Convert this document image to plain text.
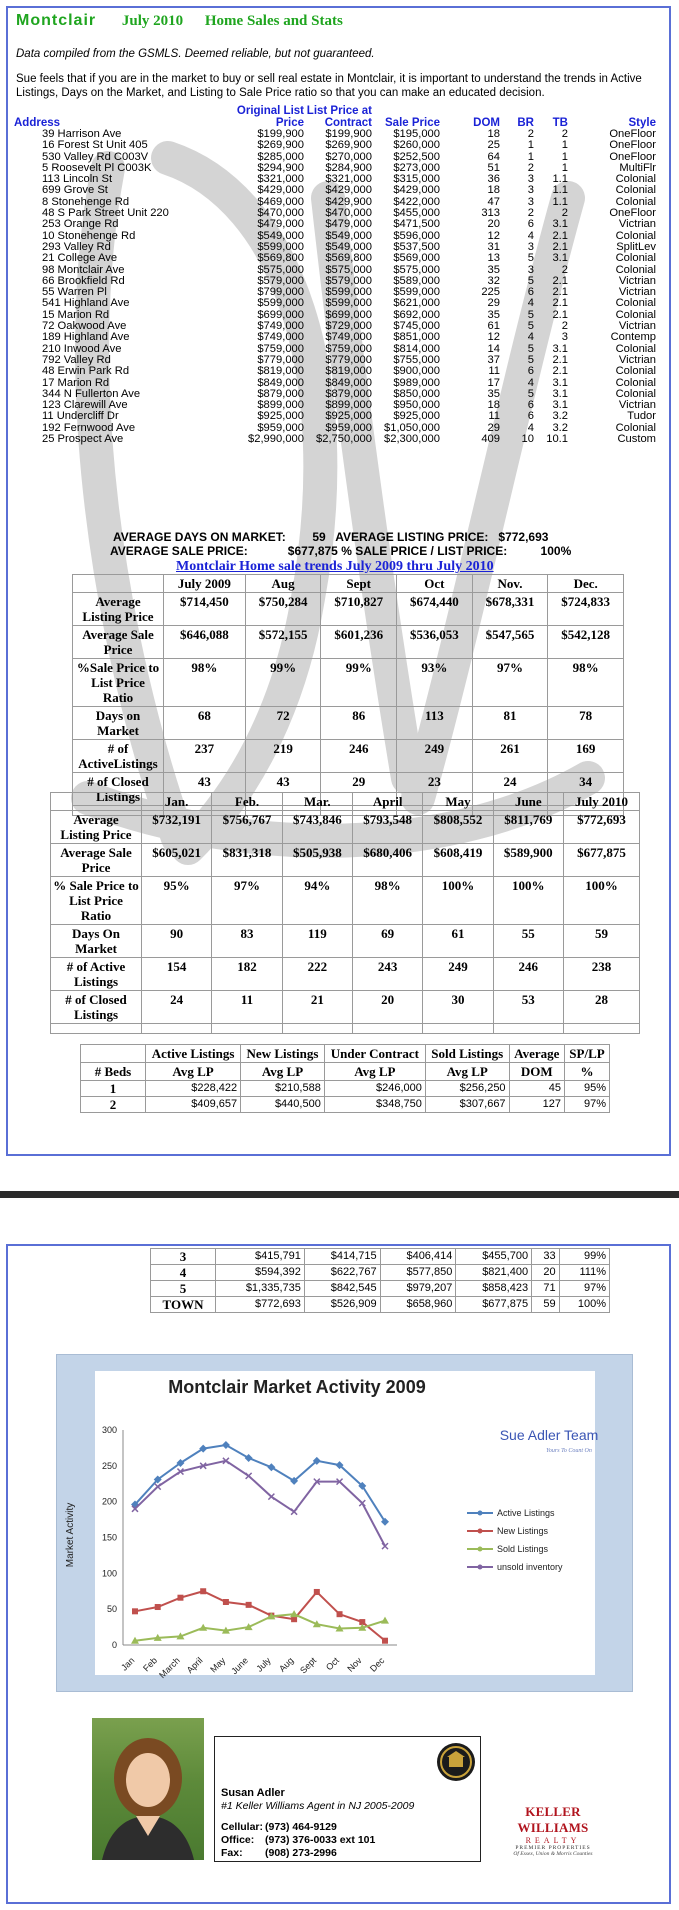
Montclair July 2010 Home Sales and Stats
Data compiled from the GSMLS. Deemed reliable, but not guaranteed.
Sue feels that if you are in the market to buy or sell real estate in Montclair, it is important to understand the trends in Active Listings, Days on the Market, and Listing to Sale Price ratio so that you can make an educated decision.
Address	Original List Price	List Price at Contract	Sale Price	DOM	BR	TB	Style
39 Harrison Ave	$199,900	$199,900	$195,000	18	2	2	OneFloor
16 Forest St Unit 405	$269,900	$269,900	$260,000	25	1	1	OneFloor
530 Valley Rd C003V	$285,000	$270,000	$252,500	64	1	1	OneFloor
5 Roosevelt Pl C003K	$294,900	$284,900	$273,000	51	2	1	MultiFlr
113 Lincoln St	$321,000	$321,000	$315,000	36	3	1.1	Colonial
699 Grove St	$429,000	$429,000	$429,000	18	3	1.1	Colonial
8 Stonehenge Rd	$469,000	$429,900	$422,000	47	3	1.1	Colonial
48 S Park Street Unit 220	$470,000	$470,000	$455,000	313	2	2	OneFloor
253 Orange Rd	$479,000	$479,000	$471,500	20	6	3.1	Victrian
10 Stonehenge Rd	$549,000	$549,000	$596,000	12	4	2.1	Colonial
293 Valley Rd	$599,000	$549,000	$537,500	31	3	2.1	SplitLev
21 College Ave	$569,800	$569,800	$569,000	13	5	3.1	Colonial
98 Montclair Ave	$575,000	$575,000	$575,000	35	3	2	Colonial
66 Brookfield Rd	$579,000	$579,000	$589,000	32	5	2.1	Victrian
55 Warren Pl	$799,000	$599,000	$599,000	225	6	2.1	Victrian
541 Highland Ave	$599,000	$599,000	$621,000	29	4	2.1	Colonial
15 Marion Rd	$699,000	$699,000	$692,000	35	5	2.1	Colonial
72 Oakwood Ave	$749,000	$729,000	$745,000	61	5	2	Victrian
189 Highland Ave	$749,000	$749,000	$851,000	12	4	3	Contemp
210 Inwood Ave	$759,000	$759,000	$814,000	14	5	3.1	Colonial
792 Valley Rd	$779,000	$779,000	$755,000	37	5	2.1	Victrian
48 Erwin Park Rd	$819,000	$819,000	$900,000	11	6	2.1	Colonial
17 Marion Rd	$849,000	$849,000	$989,000	17	4	3.1	Colonial
344 N Fullerton Ave	$879,000	$879,000	$850,000	35	5	3.1	Colonial
123 Clarewill Ave	$899,000	$899,000	$950,000	18	6	3.1	Victrian
11 Undercliff Dr	$925,000	$925,000	$925,000	11	6	3.2	Tudor
192 Fernwood Ave	$959,000	$959,000	$1,050,000	29	4	3.2	Colonial
25 Prospect Ave	$2,990,000	$2,750,000	$2,300,000	409	10	10.1	Custom
AVERAGE DAYS ON MARKET:        59   AVERAGE LISTING PRICE:   $772,693
AVERAGE SALE PRICE:            $677,875 % SALE PRICE / LIST PRICE:          100%
Montclair Home sale trends July 2009 thru July 2010
	July 2009	Aug	Sept	Oct	Nov.	Dec.
Average Listing Price	$714,450	$750,284	$710,827	$674,440	$678,331	$724,833
Average Sale Price	$646,088	$572,155	$601,236	$536,053	$547,565	$542,128
%Sale Price to List Price Ratio	98%	99%	99%	93%	97%	98%
Days on Market	68	72	86	113	81	78
# of ActiveListings	237	219	246	249	261	169
# of Closed Listings	43	43	29	23	24	34

	Jan.	Feb.	Mar.	April	May	June	July 2010
Average Listing Price	$732,191	$756,767	$743,846	$793,548	$808,552	$811,769	$772,693
Average Sale Price	$605,021	$831,318	$505,938	$680,406	$608,419	$589,900	$677,875
% Sale Price to List Price Ratio	95%	97%	94%	98%	100%	100%	100%
Days On Market	90	83	119	69	61	55	59
# of Active Listings	154	182	222	243	249	246	238
# of Closed Listings	24	11	21	20	30	53	28

	Active Listings	New Listings	Under Contract	Sold Listings	Average	SP/LP
# Beds	Avg LP	Avg LP	Avg LP	Avg LP	DOM	%
1	$228,422	$210,588	$246,000	$256,250	45	95%
2	$409,657	$440,500	$348,750	$307,667	127	97%
3	$415,791	$414,715	$406,414	$455,700	33	99%
4	$594,392	$622,767	$577,850	$821,400	20	111%
5	$1,335,735	$842,545	$979,207	$858,423	71	97%
TOWN	$772,693	$526,909	$658,960	$677,875	59	100%
Montclair Market Activity 2009
Market Activity
0
50
100
150
200
250
300
Jan Feb
March April May June July Aug Sept Oct Nov Dec
Active Listings
New Listings
Sold Listings
unsold inventory
Sue Adler Team
Yours To Count On
Susan Adler
#1 Keller Williams Agent in NJ 2005-2009
Cellular: (973) 464-9129
Office: (973) 376-0033 ext 101
Fax: (908) 273-2996
KELLER WILLIAMS
REALTY
PREMIER PROPERTIES
Of Essex, Union & Morris Counties
